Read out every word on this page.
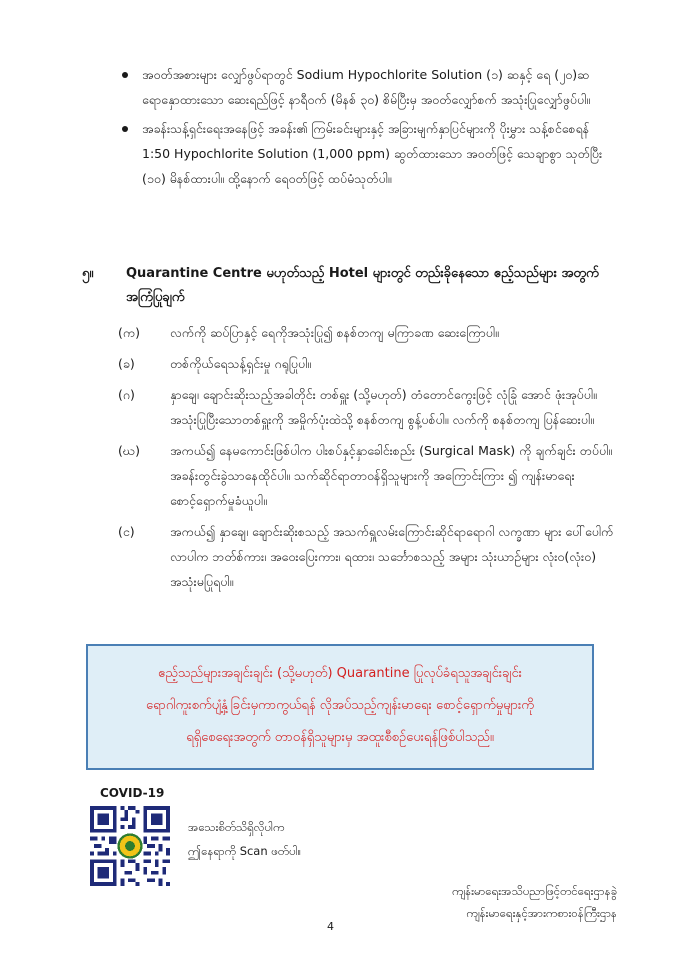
အဝတ်အစားများ လျှော်ဖွပ်ရာတွင် Sodium Hypochlorite Solution (၁) ဆနှင့် ရေ (၂၀)ဆ ရောနှောထားသော ဆေးရည်ဖြင့် နာရီဝက် (မိနစ် ၃၀) စိမ်ပြီးမှ အဝတ်လျှော်စက် အသုံးပြုလျှော်ဖွပ်ပါ။
အခန်းသန့်ရှင်းရေးအနေဖြင့် အခန်း၏ ကြမ်းခင်းများနှင့် အခြားမျက်နှာပြင်များကို ပိုးမွှား သန့်စင်စေရန် 1:50 Hypochlorite Solution (1,000 ppm) ဆွတ်ထားသော အဝတ်ဖြင့် သေချာစွာ သုတ်ပြီး (၁၀) မိနစ်ထားပါ။ ထို့နောက် ရေဝတ်ဖြင့် ထပ်မံသုတ်ပါ။
၅။	Quarantine Centre မဟုတ်သည့် Hotel များတွင် တည်းခိုနေသော ဧည့်သည်များ အတွက် အကြံပြုချက်
(က)	လက်ကို ဆပ်ပြာနှင့် ရေကိုအသုံးပြု၍ စနစ်တကျ မကြာခဏ ဆေးကြောပါ။
(ခ)	တစ်ကိုယ်ရေသန့်ရှင်းမှု ဂရုပြုပါ။
(ဂ)	နှာချေ၊ ချောင်းဆိုးသည့်အခါတိုင်း တစ်ရှူး (သို့မဟုတ်) တံတောင်ကွေးဖြင့် လုံခြုံ အောင် ဖုံးအုပ်ပါ။ အသုံးပြုပြီးသောတစ်ရှူးကို အမှိုက်ပုံးထဲသို့ စနစ်တကျ စွန့်ပစ်ပါ။ လက်ကို စနစ်တကျ ပြန်ဆေးပါ။
(ဃ)	အကယ်၍ နေမကောင်းဖြစ်ပါက ပါးစပ်နှင့်နှာခေါင်းစည်း (Surgical Mask) ကို ချက်ချင်း တပ်ပါ။ အခန်းတွင်းခွဲသာနေထိုင်ပါ။ သက်ဆိုင်ရာတာဝန်ရှိသူများကို အကြောင်းကြား ၍ ကျန်းမာရေးစောင့်ရှောက်မှုခံယူပါ။
(င)	အကယ်၍ နှာချေ၊ ချောင်းဆိုးစသည့် အသက်ရှူလမ်းကြောင်းဆိုင်ရာရောဂါ လက္ခဏာ များ ပေါ်ပေါက်လာပါက ဘတ်စ်ကား၊ အဝေးပြေးကား၊ ရထား၊ သင်္ဘောစသည့် အများ သုံးယာဉ်များ လုံး၀(လုံး၀) အသုံးမပြုရပါ။
ဧည့်သည်များအချင်းချင်း (သို့မဟုတ်) Quarantine ပြုလုပ်ခံရသူအချင်းချင်း
ရောဂါကူးစက်ပျံ့နှံ့ခြင်းမှကာကွယ်ရန် လိုအပ်သည့်ကျန်းမာရေး စောင့်ရှောက်မှုများကို
ရရှိစေရေးအတွက် တာ၀န်ရှိသူများမှ အထူးစီစဉ်ပေးရန်ဖြစ်ပါသည်။
COVID-19
အသေးစိတ်သိရှိလိုပါက
ဤနေရာကို Scan ဖတ်ပါ။
4
ကျန်းမာရေးအသိပညာဖြင့်တင်ရေးဌာနခွဲ
ကျန်းမာရေးနှင့်အားကစားဝန်ကြီးဌာန
